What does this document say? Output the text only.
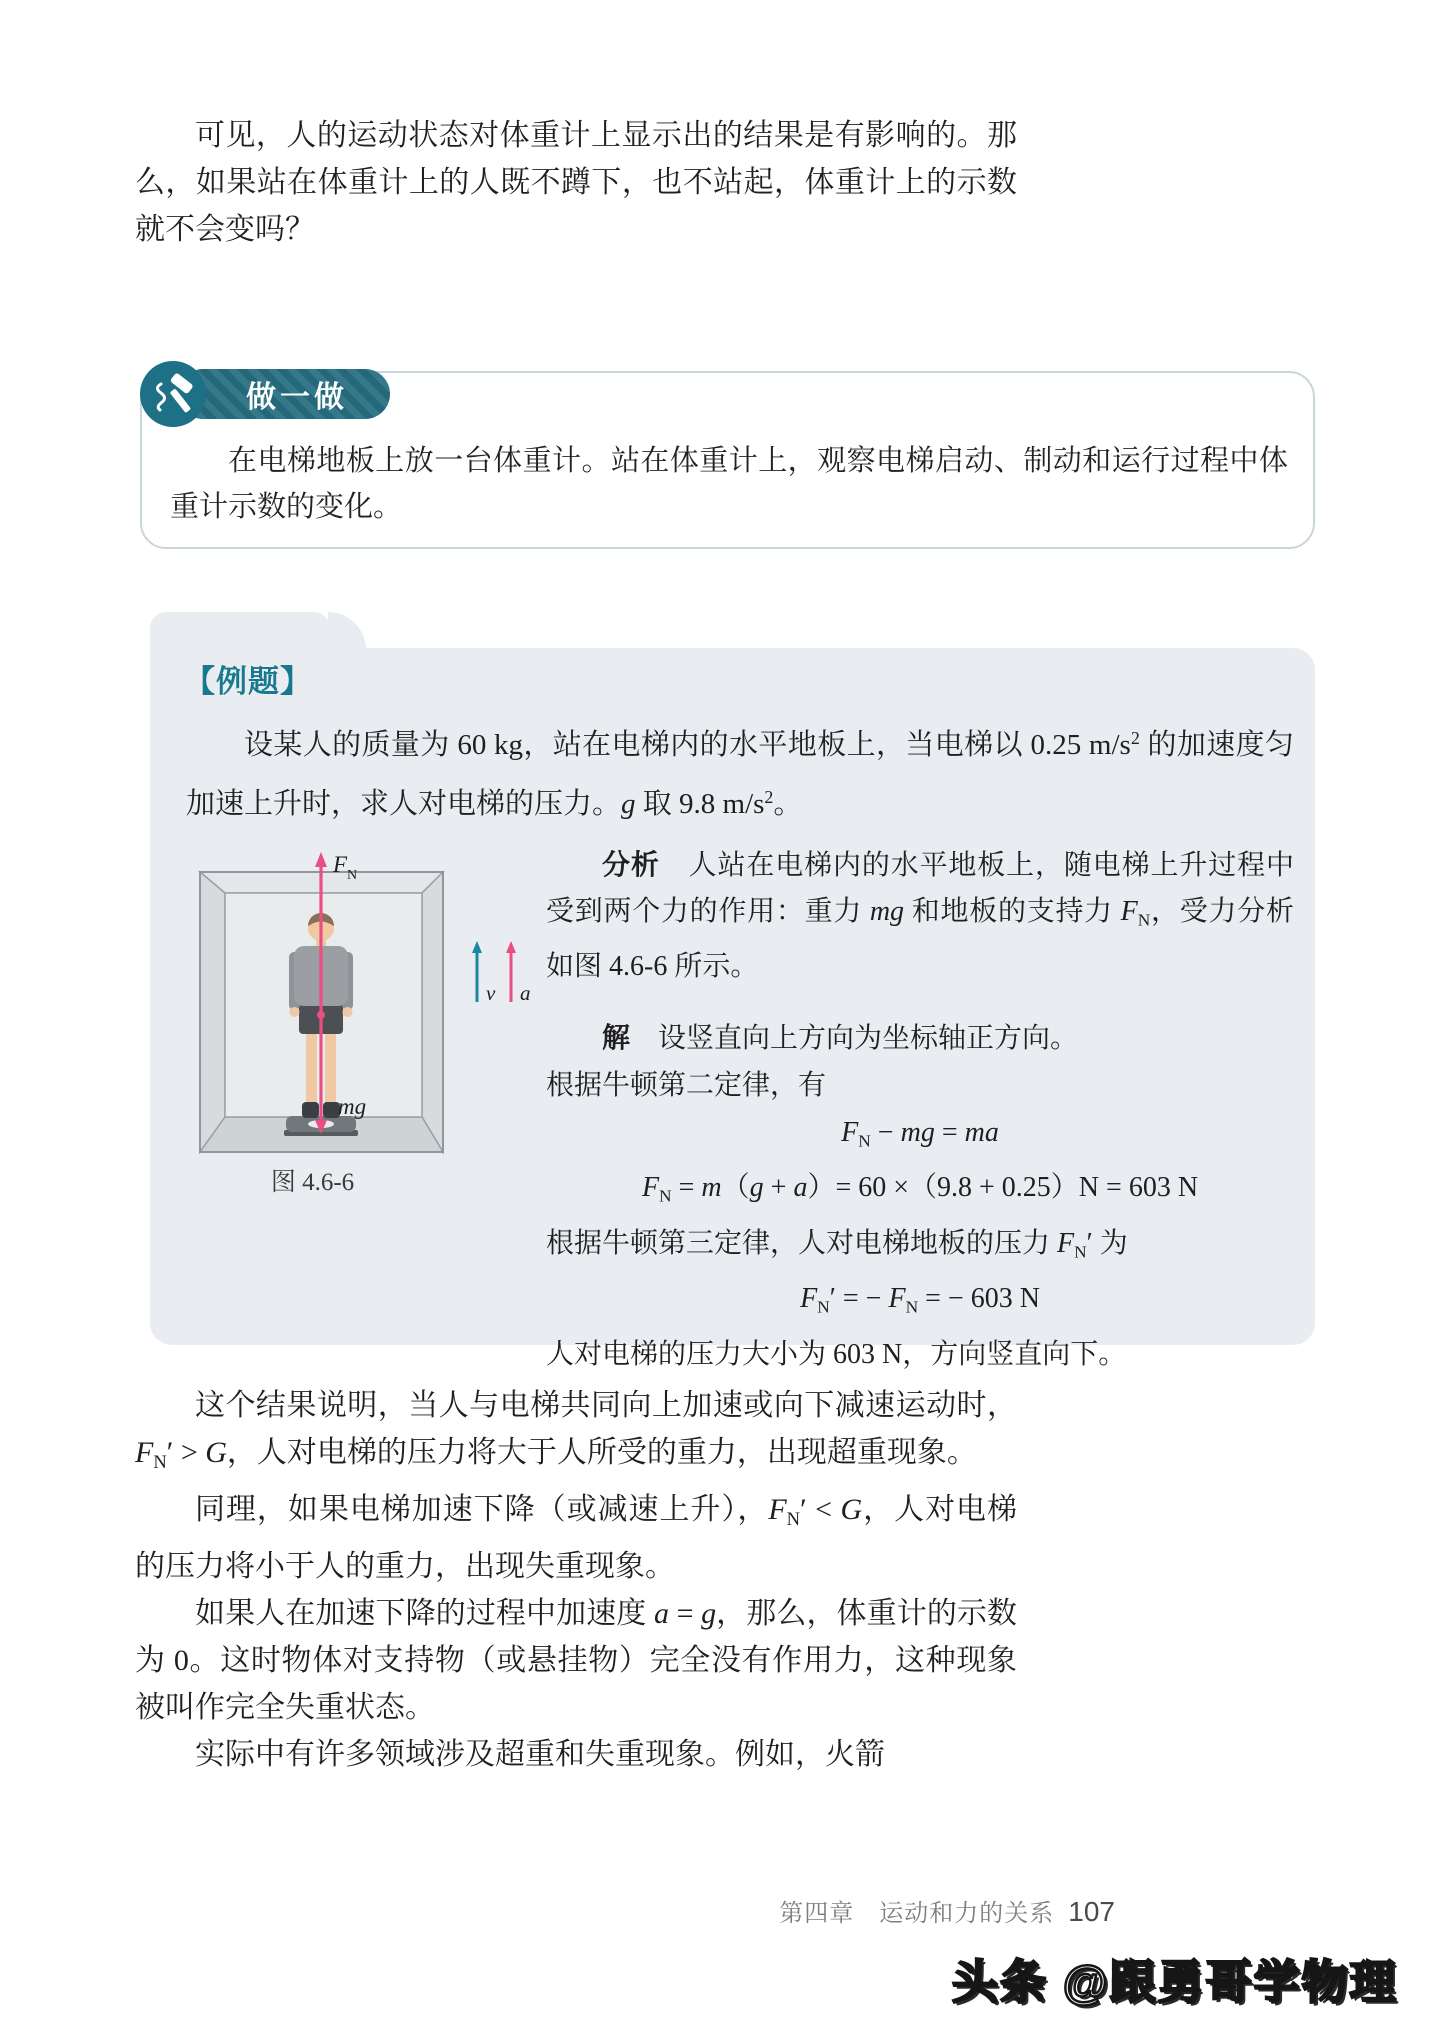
可见，人的运动状态对体重计上显示出的结果是有影响的。那么，如果站在体重计上的人既不蹲下，也不站起，体重计上的示数就不会变吗？

做一做
在电梯地板上放一台体重计。站在体重计上，观察电梯启动、制动和运行过程中体重计示数的变化。
【例题】

设某人的质量为 60 kg，站在电梯内的水平地板上，当电梯以 0.25 $m/s^2$ 的加速度匀加速上升时，求人对电梯的压力。g 取 9.8 $m/s^2$。

F N
mg
v a
图 4.6-6

分析　人站在电梯内的水平地板上，随电梯上升过程中受到两个力的作用：重力 mg 和地板的支持力 FN，受力分析如图 4.6-6 所示。

解　设竖直向上方向为坐标轴正方向。

根据牛顿第二定律，有

FN − mg = ma

FN = m（g + a）= 60 ×（9.8 + 0.25）N = 603 N

根据牛顿第三定律，人对电梯地板的压力 FN′ 为

FN′ = − FN = − 603 N

人对电梯的压力大小为 603 N，方向竖直向下。

这个结果说明，当人与电梯共同向上加速或向下减速运动时，FN′ > G，人对电梯的压力将大于人所受的重力，出现超重现象。

同理，如果电梯加速下降（或减速上升），FN′ < G，人对电梯的压力将小于人的重力，出现失重现象。

如果人在加速下降的过程中加速度 a = g，那么，体重计的示数为 0。这时物体对支持物（或悬挂物）完全没有作用力，这种现象被叫作完全失重状态。

实际中有许多领域涉及超重和失重现象。例如，火箭

第四章　运动和力的关系 107
头条 @跟勇哥学物理
